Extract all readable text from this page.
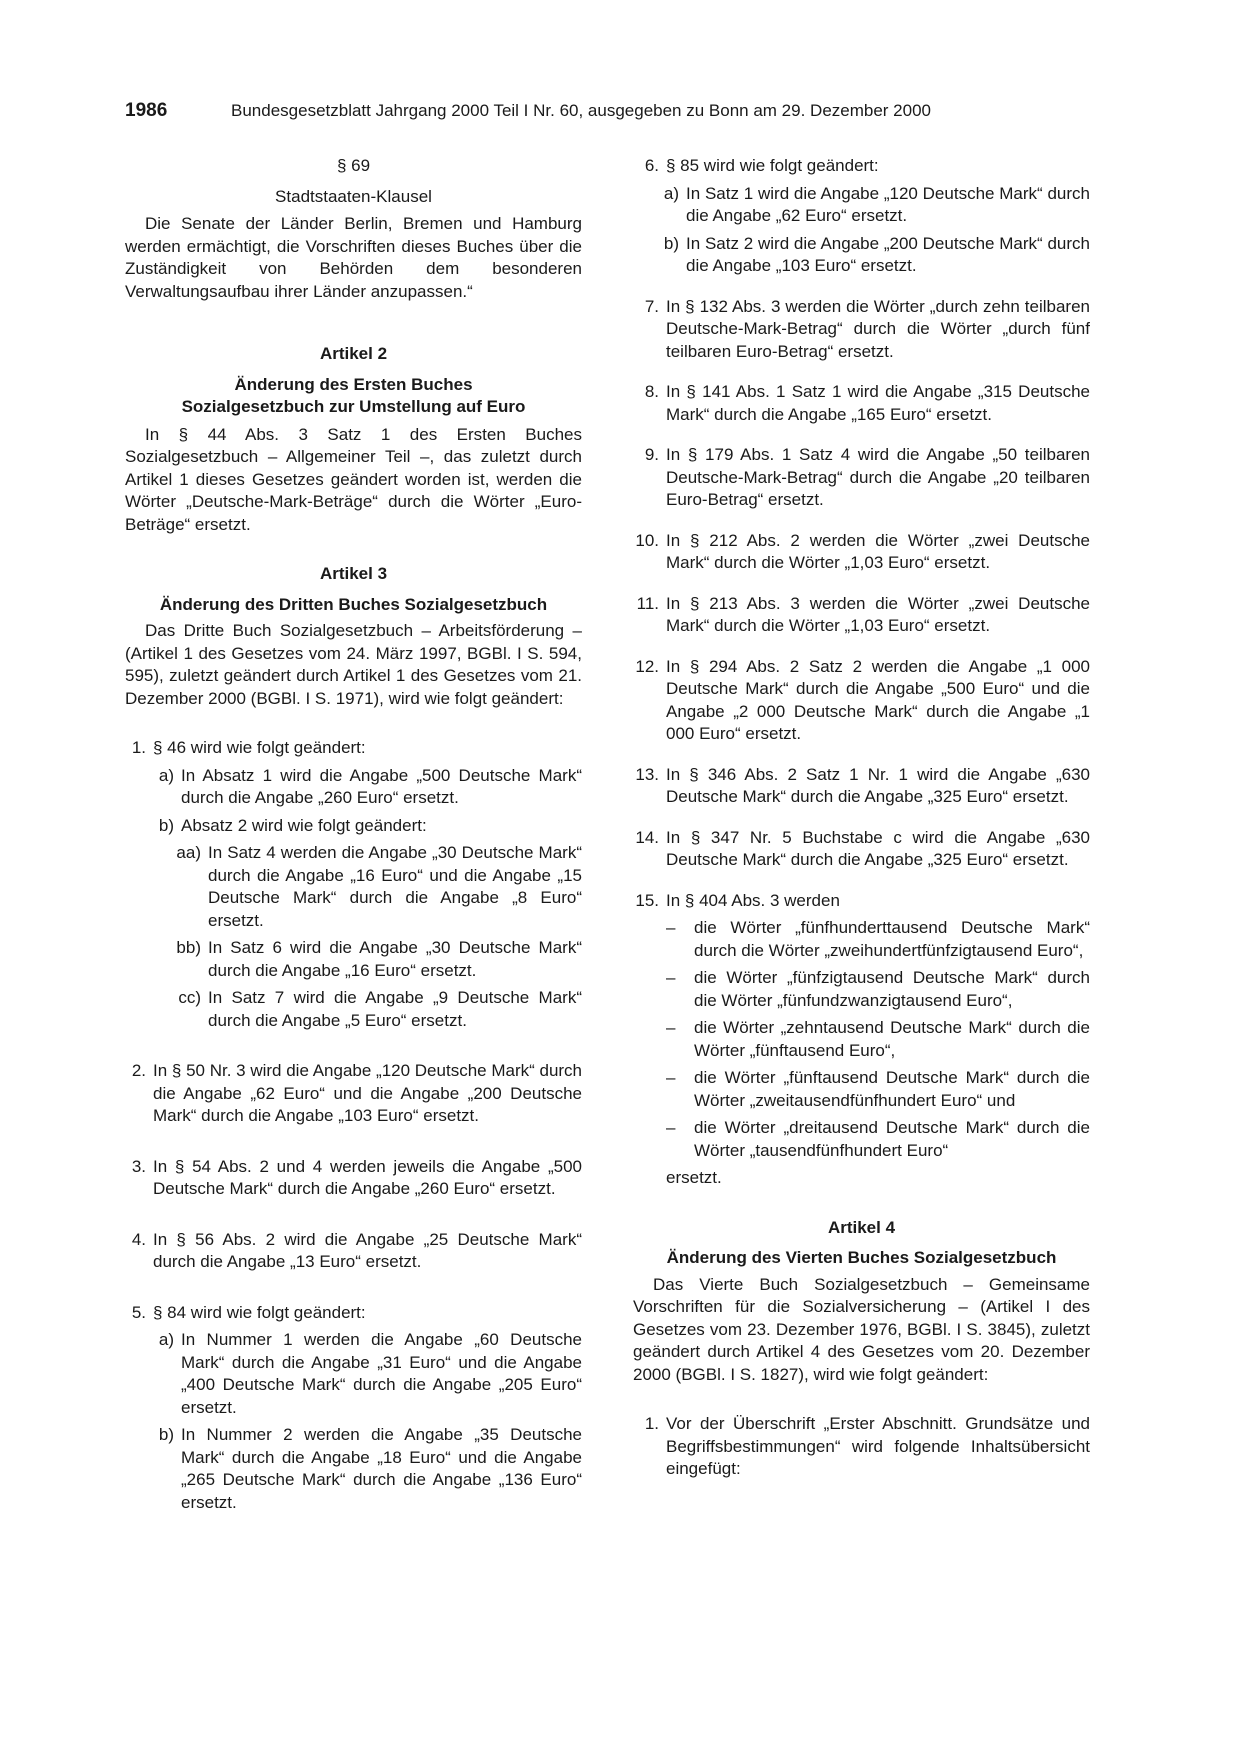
1986	Bundesgesetzblatt Jahrgang 2000 Teil I Nr. 60, ausgegeben zu Bonn am 29. Dezember 2000

§ 69

Stadtstaaten-Klausel

Die Senate der Länder Berlin, Bremen und Hamburg werden ermächtigt, die Vorschriften dieses Buches über die Zuständigkeit von Behörden dem besonderen Verwaltungsaufbau ihrer Länder anzupassen.“

Artikel 2

Änderung des Ersten Buches

Sozialgesetzbuch zur Umstellung auf Euro

In § 44 Abs. 3 Satz 1 des Ersten Buches Sozialgesetzbuch – Allgemeiner Teil –, das zuletzt durch Artikel 1 dieses Gesetzes geändert worden ist, werden die Wörter „Deutsche-Mark-Beträge“ durch die Wörter „Euro-Beträge“ ersetzt.

Artikel 3

Änderung des Dritten Buches Sozialgesetzbuch

Das Dritte Buch Sozialgesetzbuch – Arbeitsförderung – (Artikel 1 des Gesetzes vom 24. März 1997, BGBl. I S. 594, 595), zuletzt geändert durch Artikel 1 des Gesetzes vom 21. Dezember 2000 (BGBl. I S. 1971), wird wie folgt geändert:

1. § 46 wird wie folgt geändert:
a) In Absatz 1 wird die Angabe „500 Deutsche Mark“ durch die Angabe „260 Euro“ ersetzt.
b) Absatz 2 wird wie folgt geändert:
aa) In Satz 4 werden die Angabe „30 Deutsche Mark“ durch die Angabe „16 Euro“ und die Angabe „15 Deutsche Mark“ durch die Angabe „8 Euro“ ersetzt.
bb) In Satz 6 wird die Angabe „30 Deutsche Mark“ durch die Angabe „16 Euro“ ersetzt.
cc) In Satz 7 wird die Angabe „9 Deutsche Mark“ durch die Angabe „5 Euro“ ersetzt.
2. In § 50 Nr. 3 wird die Angabe „120 Deutsche Mark“ durch die Angabe „62 Euro“ und die Angabe „200 Deutsche Mark“ durch die Angabe „103 Euro“ ersetzt.
3. In § 54 Abs. 2 und 4 werden jeweils die Angabe „500 Deutsche Mark“ durch die Angabe „260 Euro“ ersetzt.
4. In § 56 Abs. 2 wird die Angabe „25 Deutsche Mark“ durch die Angabe „13 Euro“ ersetzt.
5. § 84 wird wie folgt geändert:
a) In Nummer 1 werden die Angabe „60 Deutsche Mark“ durch die Angabe „31 Euro“ und die Angabe „400 Deutsche Mark“ durch die Angabe „205 Euro“ ersetzt.
b) In Nummer 2 werden die Angabe „35 Deutsche Mark“ durch die Angabe „18 Euro“ und die Angabe „265 Deutsche Mark“ durch die Angabe „136 Euro“ ersetzt.
6. § 85 wird wie folgt geändert:
a) In Satz 1 wird die Angabe „120 Deutsche Mark“ durch die Angabe „62 Euro“ ersetzt.
b) In Satz 2 wird die Angabe „200 Deutsche Mark“ durch die Angabe „103 Euro“ ersetzt.
7. In § 132 Abs. 3 werden die Wörter „durch zehn teilbaren Deutsche-Mark-Betrag“ durch die Wörter „durch fünf teilbaren Euro-Betrag“ ersetzt.
8. In § 141 Abs. 1 Satz 1 wird die Angabe „315 Deutsche Mark“ durch die Angabe „165 Euro“ ersetzt.
9. In § 179 Abs. 1 Satz 4 wird die Angabe „50 teilbaren Deutsche-Mark-Betrag“ durch die Angabe „20 teilbaren Euro-Betrag“ ersetzt.
10. In § 212 Abs. 2 werden die Wörter „zwei Deutsche Mark“ durch die Wörter „1,03 Euro“ ersetzt.
11. In § 213 Abs. 3 werden die Wörter „zwei Deutsche Mark“ durch die Wörter „1,03 Euro“ ersetzt.
12. In § 294 Abs. 2 Satz 2 werden die Angabe „1 000 Deutsche Mark“ durch die Angabe „500 Euro“ und die Angabe „2 000 Deutsche Mark“ durch die Angabe „1 000 Euro“ ersetzt.
13. In § 346 Abs. 2 Satz 1 Nr. 1 wird die Angabe „630 Deutsche Mark“ durch die Angabe „325 Euro“ ersetzt.
14. In § 347 Nr. 5 Buchstabe c wird die Angabe „630 Deutsche Mark“ durch die Angabe „325 Euro“ ersetzt.
15. In § 404 Abs. 3 werden
–	die Wörter „fünfhunderttausend Deutsche Mark“ durch die Wörter „zweihundertfünfzigtausend Euro“,
–	die Wörter „fünfzigtausend Deutsche Mark“ durch die Wörter „fünfundzwanzigtausend Euro“,
–	die Wörter „zehntausend Deutsche Mark“ durch die Wörter „fünftausend Euro“,
–	die Wörter „fünftausend Deutsche Mark“ durch die Wörter „zweitausendfünfhundert Euro“ und
–	die Wörter „dreitausend Deutsche Mark“ durch die Wörter „tausendfünfhundert Euro“

ersetzt.

Artikel 4

Änderung des Vierten Buches Sozialgesetzbuch

Das Vierte Buch Sozialgesetzbuch – Gemeinsame Vorschriften für die Sozialversicherung – (Artikel I des Gesetzes vom 23. Dezember 1976, BGBl. I S. 3845), zuletzt geändert durch Artikel 4 des Gesetzes vom 20. Dezember 2000 (BGBl. I S. 1827), wird wie folgt geändert:

1. Vor der Überschrift „Erster Abschnitt. Grundsätze und Begriffsbestimmungen“ wird folgende Inhaltsübersicht eingefügt:
